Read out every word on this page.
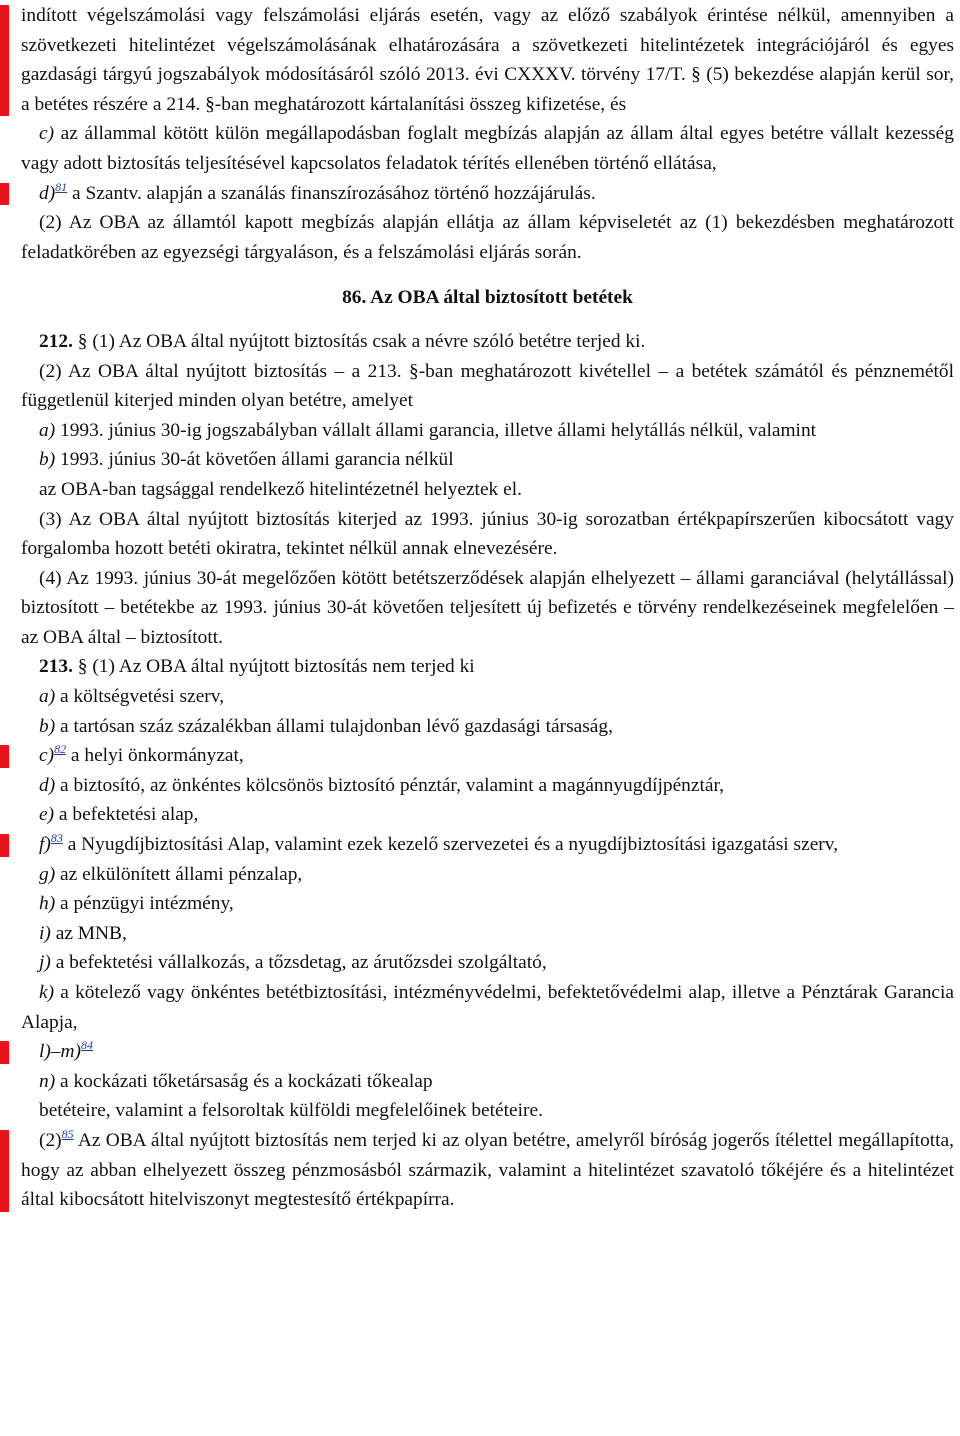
indított végelszámolási vagy felszámolási eljárás esetén, vagy az előző szabályok érintése nélkül, amennyiben a szövetkezeti hitelintézet végelszámolásának elhatározására a szövetkezeti hitelintézetek integrációjáról és egyes gazdasági tárgyú jogszabályok módosításáról szóló 2013. évi CXXXV. törvény 17/T. § (5) bekezdése alapján kerül sor, a betétes részére a 214. §-ban meghatározott kártalanítási összeg kifizetése, és

c) az állammal kötött külön megállapodásban foglalt megbízás alapján az állam által egyes betétre vállalt kezesség vagy adott biztosítás teljesítésével kapcsolatos feladatok térítés ellenében történő ellátása,

d)$^{81}$ a Szantv. alapján a szanálás finanszírozásához történő hozzájárulás.

(2) Az OBA az államtól kapott megbízás alapján ellátja az állam képviseletét az (1) bekezdésben meghatározott feladatkörében az egyezségi tárgyaláson, és a felszámolási eljárás során.

86. Az OBA által biztosított betétek

212. § (1) Az OBA által nyújtott biztosítás csak a névre szóló betétre terjed ki.

(2) Az OBA által nyújtott biztosítás – a 213. §-ban meghatározott kivétellel – a betétek számától és pénznemétől függetlenül kiterjed minden olyan betétre, amelyet

a) 1993. június 30-ig jogszabályban vállalt állami garancia, illetve állami helytállás nélkül, valamint

b) 1993. június 30-át követően állami garancia nélkül

az OBA-ban tagsággal rendelkező hitelintézetnél helyeztek el.

(3) Az OBA által nyújtott biztosítás kiterjed az 1993. június 30-ig sorozatban értékpapírszerűen kibocsátott vagy forgalomba hozott betéti okiratra, tekintet nélkül annak elnevezésére.

(4) Az 1993. június 30-át megelőzően kötött betétszerződések alapján elhelyezett – állami garanciával (helytállással) biztosított – betétekbe az 1993. június 30-át követően teljesített új befizetés e törvény rendelkezéseinek megfelelően – az OBA által – biztosított.

213. § (1) Az OBA által nyújtott biztosítás nem terjed ki

a) a költségvetési szerv,

b) a tartósan száz százalékban állami tulajdonban lévő gazdasági társaság,

c)$^{82}$ a helyi önkormányzat,

d) a biztosító, az önkéntes kölcsönös biztosító pénztár, valamint a magánnyugdíjpénztár,

e) a befektetési alap,

f)$^{83}$ a Nyugdíjbiztosítási Alap, valamint ezek kezelő szervezetei és a nyugdíjbiztosítási igazgatási szerv,

g) az elkülönített állami pénzalap,

h) a pénzügyi intézmény,

i) az MNB,

j) a befektetési vállalkozás, a tőzsdetag, az árutőzsdei szolgáltató,

k) a kötelező vagy önkéntes betétbiztosítási, intézményvédelmi, befektetővédelmi alap, illetve a Pénztárak Garancia Alapja,

l)–m)$^{84}$

n) a kockázati tőketársaság és a kockázati tőkealap

betéteire, valamint a felsoroltak külföldi megfelelőinek betéteire.

(2)$^{85}$ Az OBA által nyújtott biztosítás nem terjed ki az olyan betétre, amelyről bíróság jogerős ítélettel megállapította, hogy az abban elhelyezett összeg pénzmosásból származik, valamint a hitelintézet szavatoló tőkéjére és a hitelintézet által kibocsátott hitelviszonyt megtestesítő értékpapírra.
